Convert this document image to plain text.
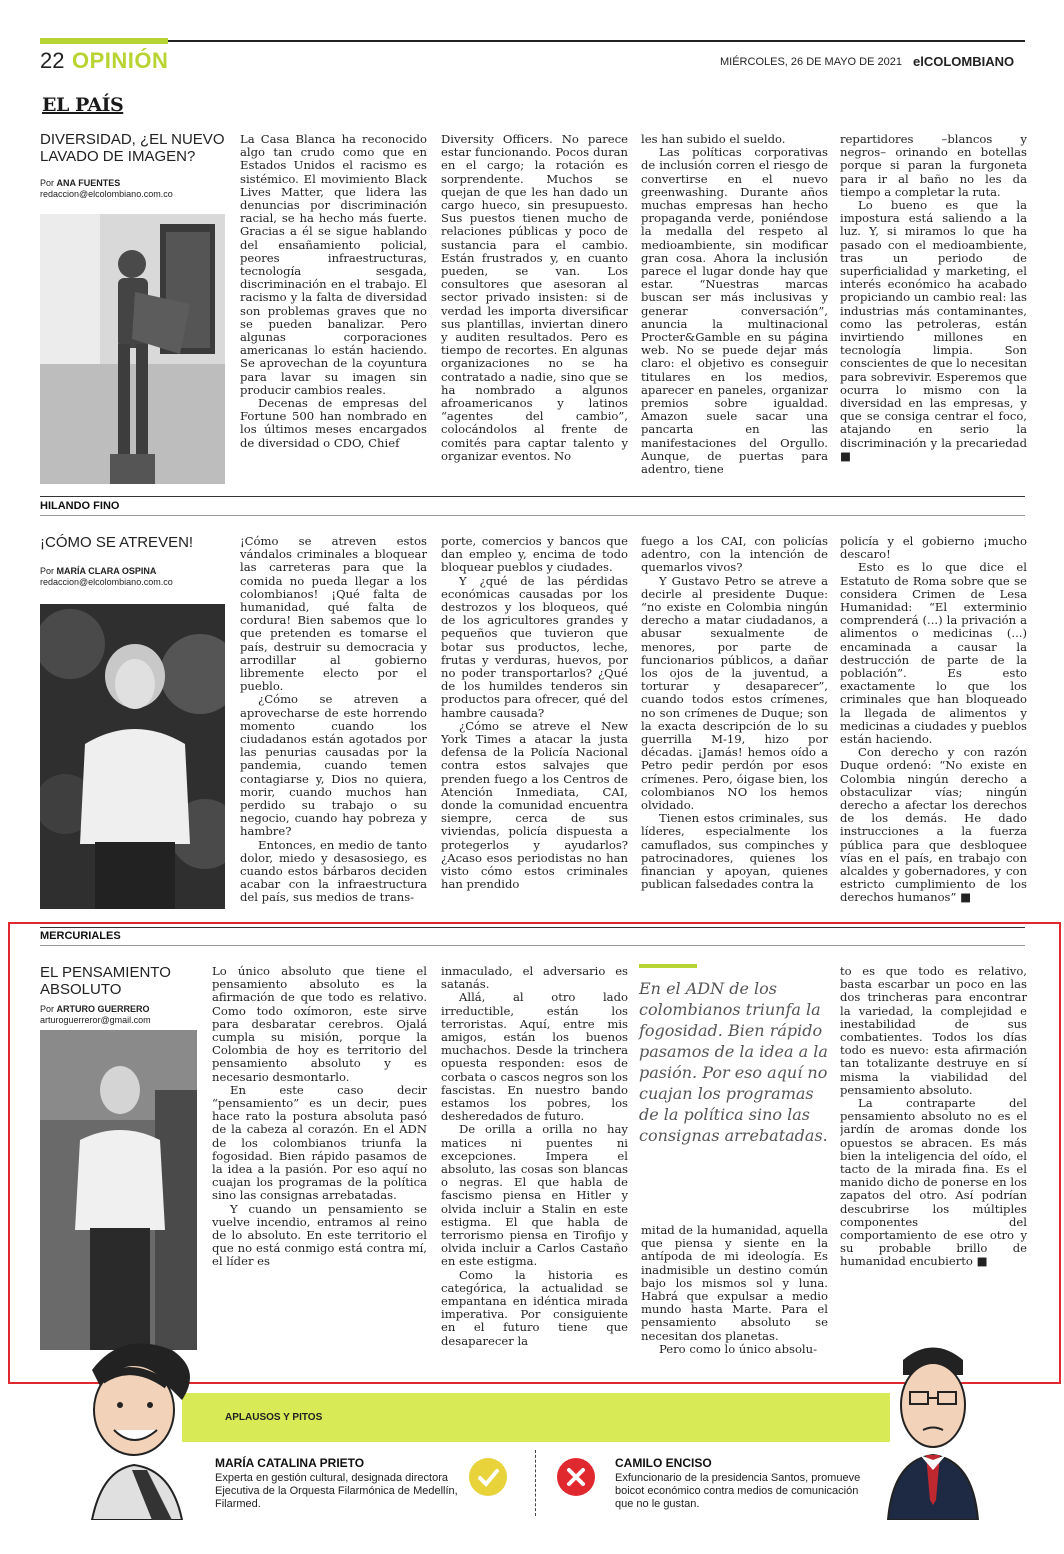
22 OPINIÓN	MIÉRCOLES, 26 DE MAYO DE 2021 elCOLOMBIANO
EL PAÍS
DIVERSIDAD, ¿EL NUEVO LAVADO DE IMAGEN?
Por ANA FUENTES
redaccion@elcolombiano.com.co

La Casa Blanca ha reconocido algo tan crudo como que en Estados Unidos el racismo es sistémico. El movimiento Black Lives Matter, que lidera las denuncias por discriminación racial, se ha hecho más fuerte. Gracias a él se sigue hablando del ensañamiento policial, peores infraestructuras, tecnología sesgada, discriminación en el trabajo. El racismo y la falta de diversidad son problemas graves que no se pueden banalizar. Pero algunas corporaciones americanas lo están haciendo. Se aprovechan de la coyuntura para lavar su imagen sin producir cambios reales.

Decenas de empresas del Fortune 500 han nombrado en los últimos meses encargados de diversidad o CDO, Chief

Diversity Officers. No parece estar funcionando. Pocos duran en el cargo; la rotación es sorprendente. Muchos se quejan de que les han dado un cargo hueco, sin presupuesto. Sus puestos tienen mucho de relaciones públicas y poco de sustancia para el cambio. Están frustrados y, en cuanto pueden, se van. Los consultores que asesoran al sector privado insisten: si de verdad les importa diversificar sus plantillas, inviertan dinero y auditen resultados. Pero es tiempo de recortes. En algunas organizaciones no se ha contratado a nadie, sino que se ha nombrado a algunos afroamericanos y latinos “agentes del cambio”, colocándolos al frente de comités para captar talento y organizar eventos. No

les han subido el sueldo.

Las políticas corporativas de inclusión corren el riesgo de convertirse en el nuevo greenwashing. Durante años muchas empresas han hecho propaganda verde, poniéndose la medalla del respeto al medioambiente, sin modificar gran cosa. Ahora la inclusión parece el lugar donde hay que estar. “Nuestras marcas buscan ser más inclusivas y generar conversación”, anuncia la multinacional Procter&Gamble en su página web. No se puede dejar más claro: el objetivo es conseguir titulares en los medios, aparecer en paneles, organizar premios sobre igualdad. Amazon suele sacar una pancarta en las manifestaciones del Orgullo. Aunque, de puertas para adentro, tiene

repartidores –blancos y negros– orinando en botellas porque si paran la furgoneta para ir al baño no les da tiempo a completar la ruta.

Lo bueno es que la impostura está saliendo a la luz. Y, si miramos lo que ha pasado con el medioambiente, tras un periodo de superficialidad y marketing, el interés económico ha acabado propiciando un cambio real: las industrias más contaminantes, como las petroleras, están invirtiendo millones en tecnología limpia. Son conscientes de que lo necesitan para sobrevivir. Esperemos que ocurra lo mismo con la diversidad en las empresas, y que se consiga centrar el foco, atajando en serio la discriminación y la precariedad ■

HILANDO FINO
¡CÓMO SE ATREVEN!
Por MARÍA CLARA OSPINA
redaccion@elcolombiano.com.co

¡Cómo se atreven estos vándalos criminales a bloquear las carreteras para que la comida no pueda llegar a los colombianos! ¡Qué falta de humanidad, qué falta de cordura! Bien sabemos que lo que pretenden es tomarse el país, destruir su democracia y arrodillar al gobierno libremente electo por el pueblo.

¿Cómo se atreven a aprovecharse de este horrendo momento cuando los ciudadanos están agotados por las penurias causadas por la pandemia, cuando temen contagiarse y, Dios no quiera, morir, cuando muchos han perdido su trabajo o su negocio, cuando hay pobreza y hambre?

Entonces, en medio de tanto dolor, miedo y desasosiego, es cuando estos bárbaros deciden acabar con la infraestructura del país, sus medios de trans-

porte, comercios y bancos que dan empleo y, encima de todo bloquear pueblos y ciudades.

Y ¿qué de las pérdidas económicas causadas por los destrozos y los bloqueos, qué de los agricultores grandes y pequeños que tuvieron que botar sus productos, leche, frutas y verduras, huevos, por no poder transportarlos? ¿Qué de los humildes tenderos sin productos para ofrecer, qué del hambre causada?

¿Cómo se atreve el New York Times a atacar la justa defensa de la Policía Nacional contra estos salvajes que prenden fuego a los Centros de Atención Inmediata, CAI, donde la comunidad encuentra siempre, cerca de sus viviendas, policía dispuesta a protegerlos y ayudarlos? ¿Acaso esos periodistas no han visto cómo estos criminales han prendido

fuego a los CAI, con policías adentro, con la intención de quemarlos vivos?

Y Gustavo Petro se atreve a decirle al presidente Duque: “no existe en Colombia ningún derecho a matar ciudadanos, a abusar sexualmente de menores, por parte de funcionarios públicos, a dañar los ojos de la juventud, a torturar y desaparecer”, cuando todos estos crímenes, no son crímenes de Duque; son la exacta descripción de lo su guerrilla M-19, hizo por décadas. ¡Jamás! hemos oído a Petro pedir perdón por esos crímenes. Pero, óigase bien, los colombianos NO los hemos olvidado.

Tienen estos criminales, sus líderes, especialmente los camuflados, sus compinches y patrocinadores, quienes los financian y apoyan, quienes publican falsedades contra la

policía y el gobierno ¡mucho descaro!

Esto es lo que dice el Estatuto de Roma sobre que se considera Crimen de Lesa Humanidad: “El exterminio comprenderá (...) la privación a alimentos o medicinas (...) encaminada a causar la destrucción de parte de la población”. Es esto exactamente lo que los criminales que han bloqueado la llegada de alimentos y medicinas a ciudades y pueblos están haciendo.

Con derecho y con razón Duque ordenó: “No existe en Colombia ningún derecho a obstaculizar vías; ningún derecho a afectar los derechos de los demás. He dado instrucciones a la fuerza pública para que desbloquee vías en el país, en trabajo con alcaldes y gobernadores, y con estricto cumplimiento de los derechos humanos” ■

MERCURIALES
EL PENSAMIENTO ABSOLUTO
Por ARTURO GUERRERO
arturoguerreror@gmail.com

Lo único absoluto que tiene el pensamiento absoluto es la afirmación de que todo es relativo. Como todo oxímoron, este sirve para desbaratar cerebros. Ojalá cumpla su misión, porque la Colombia de hoy es territorio del pensamiento absoluto y es necesario desmontarlo.

En este caso decir “pensamiento” es un decir, pues hace rato la postura absoluta pasó de la cabeza al corazón. En el ADN de los colombianos triunfa la fogosidad. Bien rápido pasamos de la idea a la pasión. Por eso aquí no cuajan los programas de la política sino las consignas arrebatadas.

Y cuando un pensamiento se vuelve incendio, entramos al reino de lo absoluto. En este territorio el que no está conmigo está contra mí, el líder es

inmaculado, el adversario es satanás.

Allá, al otro lado irreductible, están los terroristas. Aquí, entre mis amigos, están los buenos muchachos. Desde la trinchera opuesta responden: esos de corbata o cascos negros son los fascistas. En nuestro bando estamos los pobres, los desheredados de futuro.

De orilla a orilla no hay matices ni puentes ni excepciones. Impera el absoluto, las cosas son blancas o negras. El que habla de fascismo piensa en Hitler y olvida incluir a Stalin en este estigma. El que habla de terrorismo piensa en Tirofijo y olvida incluir a Carlos Castaño en este estigma.

Como la historia es categórica, la actualidad se empantana en idéntica mirada imperativa. Por consiguiente en el futuro tiene que desaparecer la

En el ADN de los colombianos triunfa la fogosidad. Bien rápido pasamos de la idea a la pasión. Por eso aquí no cuajan los programas de la política sino las consignas arrebatadas.

mitad de la humanidad, aquella que piensa y siente en la antípoda de mi ideología. Es inadmisible un destino común bajo los mismos sol y luna. Habrá que expulsar a medio mundo hasta Marte. Para el pensamiento absoluto se necesitan dos planetas.

Pero como lo único absolu-

to es que todo es relativo, basta escarbar un poco en las dos trincheras para encontrar la variedad, la complejidad e inestabilidad de sus combatientes. Todos los días todo es nuevo: esta afirmación tan totalizante destruye en sí misma la viabilidad del pensamiento absoluto.

La contraparte del pensamiento absoluto no es el jardín de aromas donde los opuestos se abracen. Es más bien la inteligencia del oído, el tacto de la mirada fina. Es el manido dicho de ponerse en los zapatos del otro. Así podrían descubrirse los múltiples componentes del comportamiento de ese otro y su probable brillo de humanidad encubierto ■

APLAUSOS Y PITOS
MARÍA CATALINA PRIETO
Experta en gestión cultural, designada directora Ejecutiva de la Orquesta Filarmónica de Medellín, Filarmed.
CAMILO ENCISO
Exfuncionario de la presidencia Santos, promueve boicot económico contra medios de comunicación que no le gustan.
